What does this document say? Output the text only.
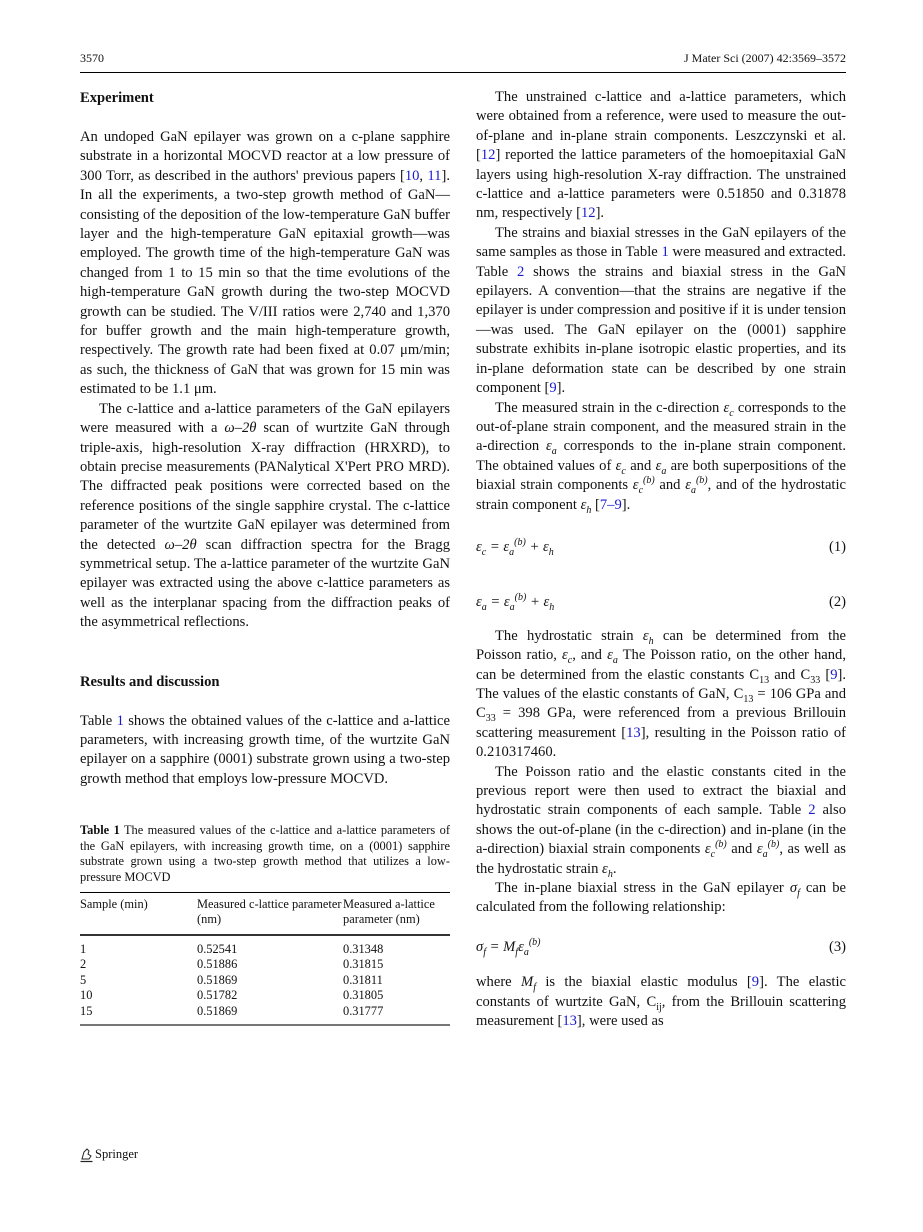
3570	J Mater Sci (2007) 42:3569–3572
Experiment

An undoped GaN epilayer was grown on a c-plane sapphire substrate in a horizontal MOCVD reactor at a low pressure of 300 Torr, as described in the authors' previous papers [10, 11]. In all the experiments, a two-step growth method of GaN—consisting of the deposition of the low-temperature GaN buffer layer and the high-temperature GaN epitaxial growth—was employed. The growth time of the high-temperature GaN was changed from 1 to 15 min so that the time evolutions of the high-temperature GaN growth during the two-step MOCVD growth can be studied. The V/III ratios were 2,740 and 1,370 for buffer growth and the main high-temperature growth, respectively. The growth rate had been fixed at 0.07 μm/min; as such, the thickness of GaN that was grown for 15 min was estimated to be 1.1 μm.

The c-lattice and a-lattice parameters of the GaN epilayers were measured with a ω–2θ scan of wurtzite GaN through triple-axis, high-resolution X-ray diffraction (HRXRD), to obtain precise measurements (PANalytical X'Pert PRO MRD). The diffracted peak positions were corrected based on the reference positions of the single sapphire crystal. The c-lattice parameter of the wurtzite GaN epilayer was determined from the detected ω–2θ scan diffraction spectra for the Bragg symmetrical setup. The a-lattice parameter of the wurtzite GaN epilayer was extracted using the above c-lattice parameters as well as the interplanar spacing from the diffraction peaks of the asymmetrical reflections.

Results and discussion

Table 1 shows the obtained values of the c-lattice and a-lattice parameters, with increasing growth time, of the wurtzite GaN epilayer on a sapphire (0001) substrate grown using a two-step growth method that employs low-pressure MOCVD.

Table 1 The measured values of the c-lattice and a-lattice parameters of the GaN epilayers, with increasing growth time, on a (0001) sapphire substrate grown using a two-step growth method that utilizes a low-pressure MOCVD
Sample (min)	Measured c-lattice parameter (nm)	Measured a-lattice parameter (nm)
1	0.52541	0.31348
2	0.51886	0.31815
5	0.51869	0.31811
10	0.51782	0.31805
15	0.51869	0.31777

The unstrained c-lattice and a-lattice parameters, which were obtained from a reference, were used to measure the out-of-plane and in-plane strain components. Leszczynski et al. [12] reported the lattice parameters of the homoepitaxial GaN layers using high-resolution X-ray diffraction. The unstrained c-lattice and a-lattice parameters were 0.51850 and 0.31878 nm, respectively [12].

The strains and biaxial stresses in the GaN epilayers of the same samples as those in Table 1 were measured and extracted. Table 2 shows the strains and biaxial stress in the GaN epilayers. A convention—that the strains are negative if the epilayer is under compression and positive if it is under tension—was used. The GaN epilayer on the (0001) sapphire substrate exhibits in-plane isotropic elastic properties, and its in-plane deformation state can be described by one strain component [9].

The measured strain in the c-direction $\varepsilon_c$ corresponds to the out-of-plane strain component, and the measured strain in the a-direction $\varepsilon_a$ corresponds to the in-plane strain component. The obtained values of $\varepsilon_c$ and $\varepsilon_a$ are both superpositions of the biaxial strain components $\varepsilon_c^{(b)}$ and $\varepsilon_a^{(b)}$, and of the hydrostatic strain component $\varepsilon_h$ [7–9].

$\varepsilon_c = \varepsilon_a^{(b)} + \varepsilon_h$	(1)
$\varepsilon_a = \varepsilon_a^{(b)} + \varepsilon_h$	(2)

The hydrostatic strain $\varepsilon_h$ can be determined from the Poisson ratio, $\varepsilon_c$, and $\varepsilon_a$ The Poisson ratio, on the other hand, can be determined from the elastic constants $C_{13}$ and $C_{33}$ [9]. The values of the elastic constants of GaN, $C_{13} = 106$ GPa and $C_{33} = 398$ GPa, were referenced from a previous Brillouin scattering measurement [13], resulting in the Poisson ratio of 0.210317460.

The Poisson ratio and the elastic constants cited in the previous report were then used to extract the biaxial and hydrostatic strain components of each sample. Table 2 also shows the out-of-plane (in the c-direction) and in-plane (in the a-direction) biaxial strain components $\varepsilon_c^{(b)}$ and $\varepsilon_a^{(b)}$, as well as the hydrostatic strain $\varepsilon_h$.

The in-plane biaxial stress in the GaN epilayer $\sigma_f$ can be calculated from the following relationship:

$\sigma_f = M_f\varepsilon_a^{(b)}$	(3)

where $M_f$ is the biaxial elastic modulus [9]. The elastic constants of wurtzite GaN, $C_{ij}$, from the Brillouin scattering measurement [13], were used as

Springer
